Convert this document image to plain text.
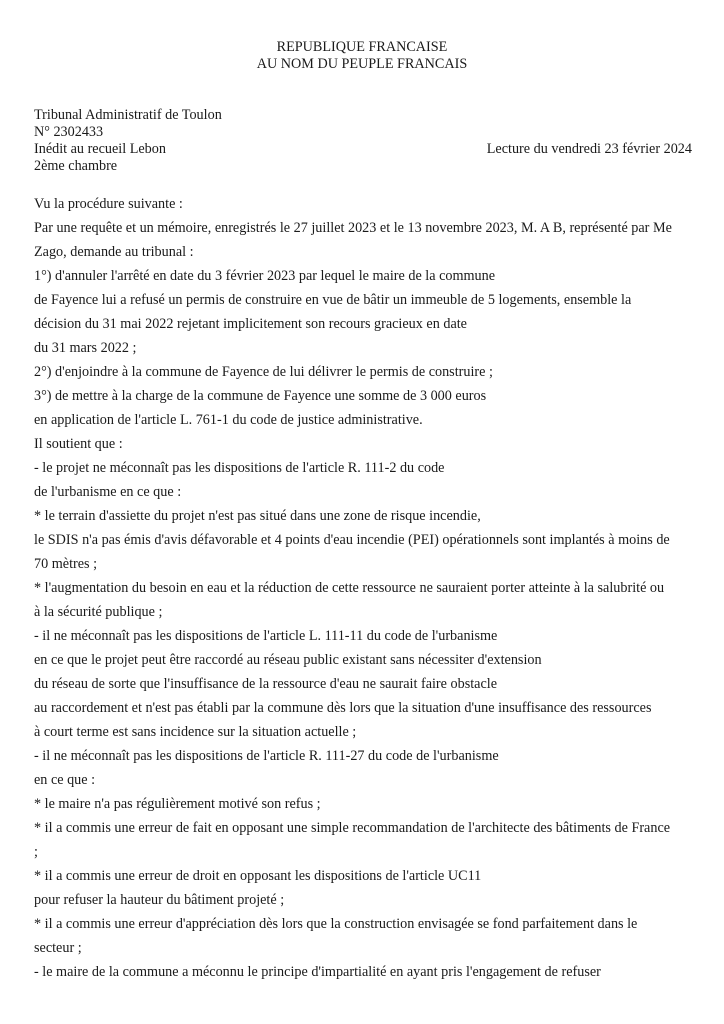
REPUBLIQUE FRANCAISE
AU NOM DU PEUPLE FRANCAIS
Tribunal Administratif de Toulon
N° 2302433
Inédit au recueil Lebon
2ème chambre
Lecture du vendredi 23 février 2024
Vu la procédure suivante :
Par une requête et un mémoire, enregistrés le 27 juillet 2023 et le 13 novembre 2023, M. A B, représenté par Me
Zago, demande au tribunal :
1°) d'annuler l'arrêté en date du 3 février 2023 par lequel le maire de la commune
de Fayence lui a refusé un permis de construire en vue de bâtir un immeuble de 5 logements, ensemble la
décision du 31 mai 2022 rejetant implicitement son recours gracieux en date
du 31 mars 2022 ;
2°) d'enjoindre à la commune de Fayence de lui délivrer le permis de construire ;
3°) de mettre à la charge de la commune de Fayence une somme de 3 000 euros
en application de l'article L. 761-1 du code de justice administrative.
Il soutient que :
- le projet ne méconnaît pas les dispositions de l'article R. 111-2 du code
de l'urbanisme en ce que :
* le terrain d'assiette du projet n'est pas situé dans une zone de risque incendie,
le SDIS n'a pas émis d'avis défavorable et 4 points d'eau incendie (PEI) opérationnels sont implantés à moins de
70 mètres ;
* l'augmentation du besoin en eau et la réduction de cette ressource ne sauraient porter atteinte à la salubrité ou
à la sécurité publique ;
- il ne méconnaît pas les dispositions de l'article L. 111-11 du code de l'urbanisme
en ce que le projet peut être raccordé au réseau public existant sans nécessiter d'extension
du réseau de sorte que l'insuffisance de la ressource d'eau ne saurait faire obstacle
au raccordement et n'est pas établi par la commune dès lors que la situation d'une insuffisance des ressources
à court terme est sans incidence sur la situation actuelle ;
- il ne méconnaît pas les dispositions de l'article R. 111-27 du code de l'urbanisme
en ce que :
* le maire n'a pas régulièrement motivé son refus ;
* il a commis une erreur de fait en opposant une simple recommandation de l'architecte des bâtiments de France
;
* il a commis une erreur de droit en opposant les dispositions de l'article UC11
pour refuser la hauteur du bâtiment projeté ;
* il a commis une erreur d'appréciation dès lors que la construction envisagée se fond parfaitement dans le
secteur ;
- le maire de la commune a méconnu le principe d'impartialité en ayant pris l'engagement de refuser
